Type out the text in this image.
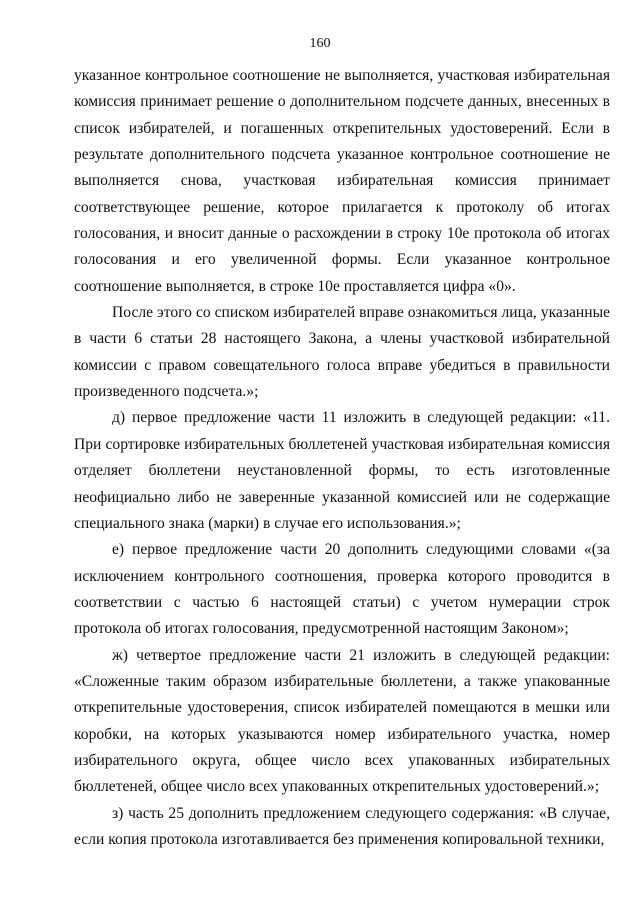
160

указанное контрольное соотношение не выполняется, участковая избирательная комиссия принимает решение о дополнительном подсчете данных, внесенных в список избирателей, и погашенных открепительных удостоверений. Если в результате дополнительного подсчета указанное контрольное соотношение не выполняется снова, участковая избирательная комиссия принимает соответствующее решение, которое прилагается к протоколу об итогах голосования, и вносит данные о расхождении в строку 10е протокола об итогах голосования и его увеличенной формы. Если указанное контрольное соотношение выполняется, в строке 10е проставляется цифра «0».

После этого со списком избирателей вправе ознакомиться лица, указанные в части 6 статьи 28 настоящего Закона, а члены участковой избирательной комиссии с правом совещательного голоса вправе убедиться в правильности произведенного подсчета.»;

д) первое предложение части 11 изложить в следующей редакции: «11. При сортировке избирательных бюллетеней участковая избирательная комиссия отделяет бюллетени неустановленной формы, то есть изготовленные неофициально либо не заверенные указанной комиссией или не содержащие специального знака (марки) в случае его использования.»;

е) первое предложение части 20 дополнить следующими словами «(за исключением контрольного соотношения, проверка которого проводится в соответствии с частью 6 настоящей статьи) с учетом нумерации строк протокола об итогах голосования, предусмотренной настоящим Законом»;

ж) четвертое предложение части 21 изложить в следующей редакции: «Сложенные таким образом избирательные бюллетени, а также упакованные открепительные удостоверения, список избирателей помещаются в мешки или коробки, на которых указываются номер избирательного участка, номер избирательного округа, общее число всех упакованных избирательных бюллетеней, общее число всех упакованных открепительных удостоверений.»;

з) часть 25 дополнить предложением следующего содержания: «В случае, если копия протокола изготавливается без применения копировальной техники,
